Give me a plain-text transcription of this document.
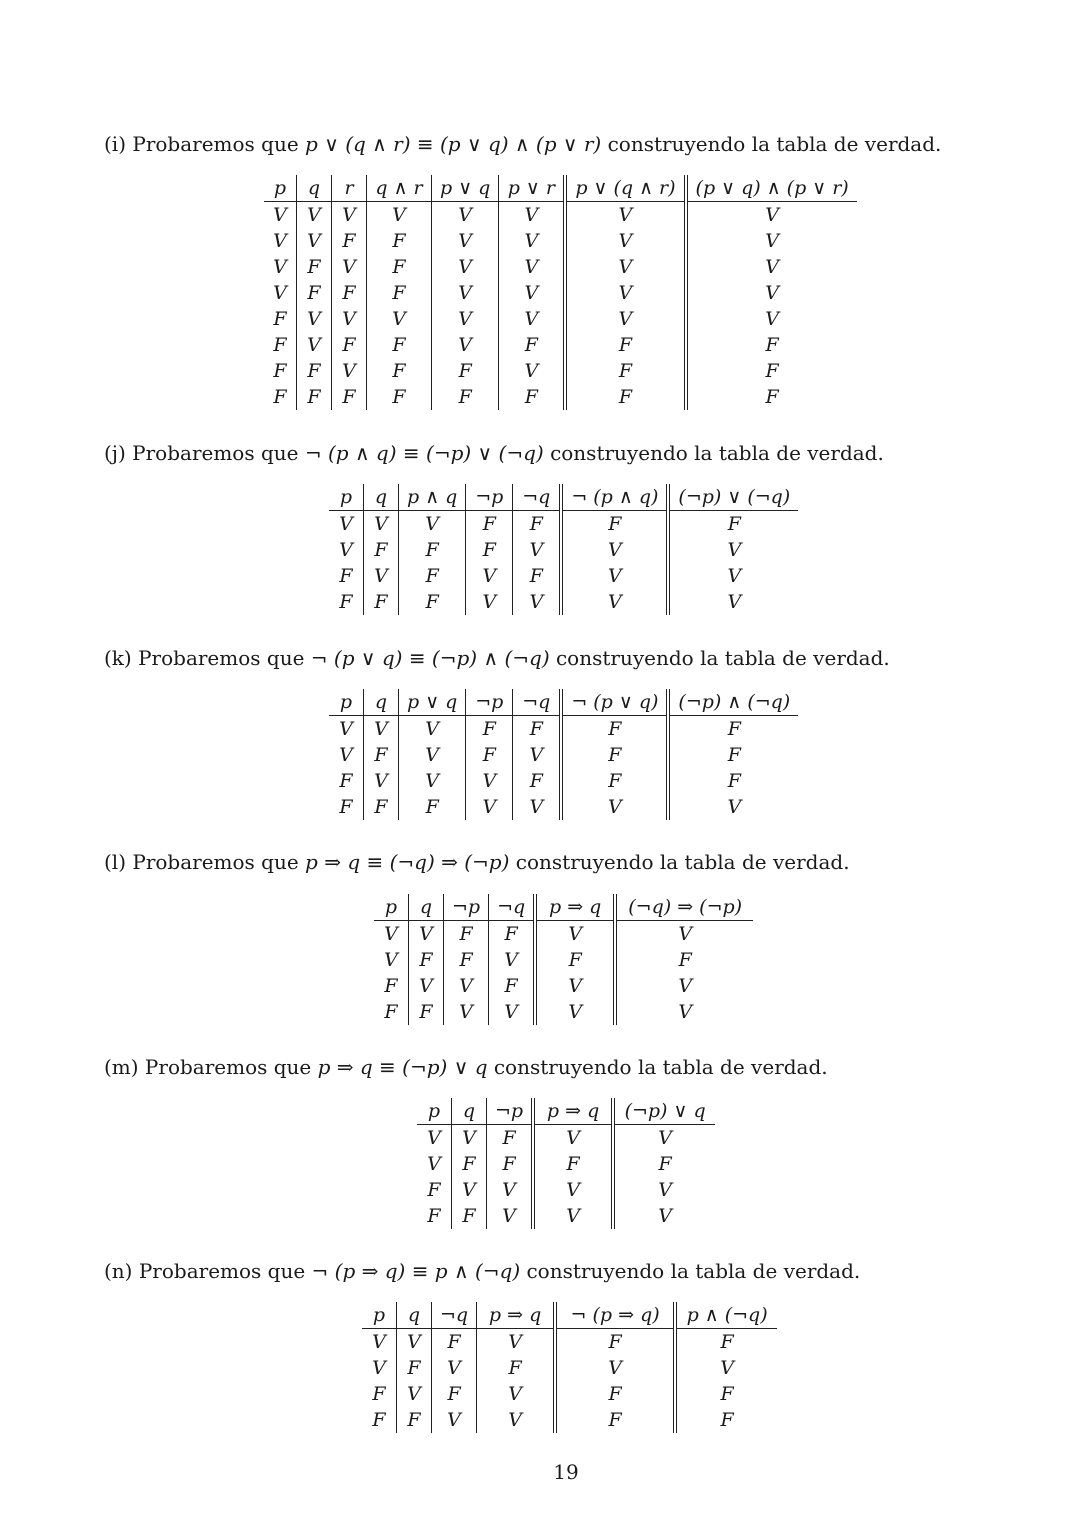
(i) Probaremos que p ∨ (q ∧ r) ≡ (p ∨ q) ∧ (p ∨ r) construyendo la tabla de verdad.
p	q	r	q ∧ r	p ∨ q	p ∨ r	p ∨ (q ∧ r)	(p ∨ q) ∧ (p ∨ r)
V	V	V	V	V	V	V	V
V	V	F	F	V	V	V	V
V	F	V	F	V	V	V	V
V	F	F	F	V	V	V	V
F	V	V	V	V	V	V	V
F	V	F	F	V	F	F	F
F	F	V	F	F	V	F	F
F	F	F	F	F	F	F	F
(j) Probaremos que ¬ (p ∧ q) ≡ (¬p) ∨ (¬q) construyendo la tabla de verdad.
p	q	p ∧ q	¬p	¬q	¬ (p ∧ q)	(¬p) ∨ (¬q)
V	V	V	F	F	F	F
V	F	F	F	V	V	V
F	V	F	V	F	V	V
F	F	F	V	V	V	V
(k) Probaremos que ¬ (p ∨ q) ≡ (¬p) ∧ (¬q) construyendo la tabla de verdad.
p	q	p ∨ q	¬p	¬q	¬ (p ∨ q)	(¬p) ∧ (¬q)
V	V	V	F	F	F	F
V	F	V	F	V	F	F
F	V	V	V	F	F	F
F	F	F	V	V	V	V
(l) Probaremos que p ⇒ q ≡ (¬q) ⇒ (¬p) construyendo la tabla de verdad.
p	q	¬p	¬q	p ⇒ q	(¬q) ⇒ (¬p)
V	V	F	F	V	V
V	F	F	V	F	F
F	V	V	F	V	V
F	F	V	V	V	V
(m) Probaremos que p ⇒ q ≡ (¬p) ∨ q construyendo la tabla de verdad.
p	q	¬p	p ⇒ q	(¬p) ∨ q
V	V	F	V	V
V	F	F	F	F
F	V	V	V	V
F	F	V	V	V
(n) Probaremos que ¬ (p ⇒ q) ≡ p ∧ (¬q) construyendo la tabla de verdad.
p	q	¬q	p ⇒ q	¬ (p ⇒ q)	p ∧ (¬q)
V	V	F	V	F	F
V	F	V	F	V	V
F	V	F	V	F	F
F	F	V	V	F	F
19
